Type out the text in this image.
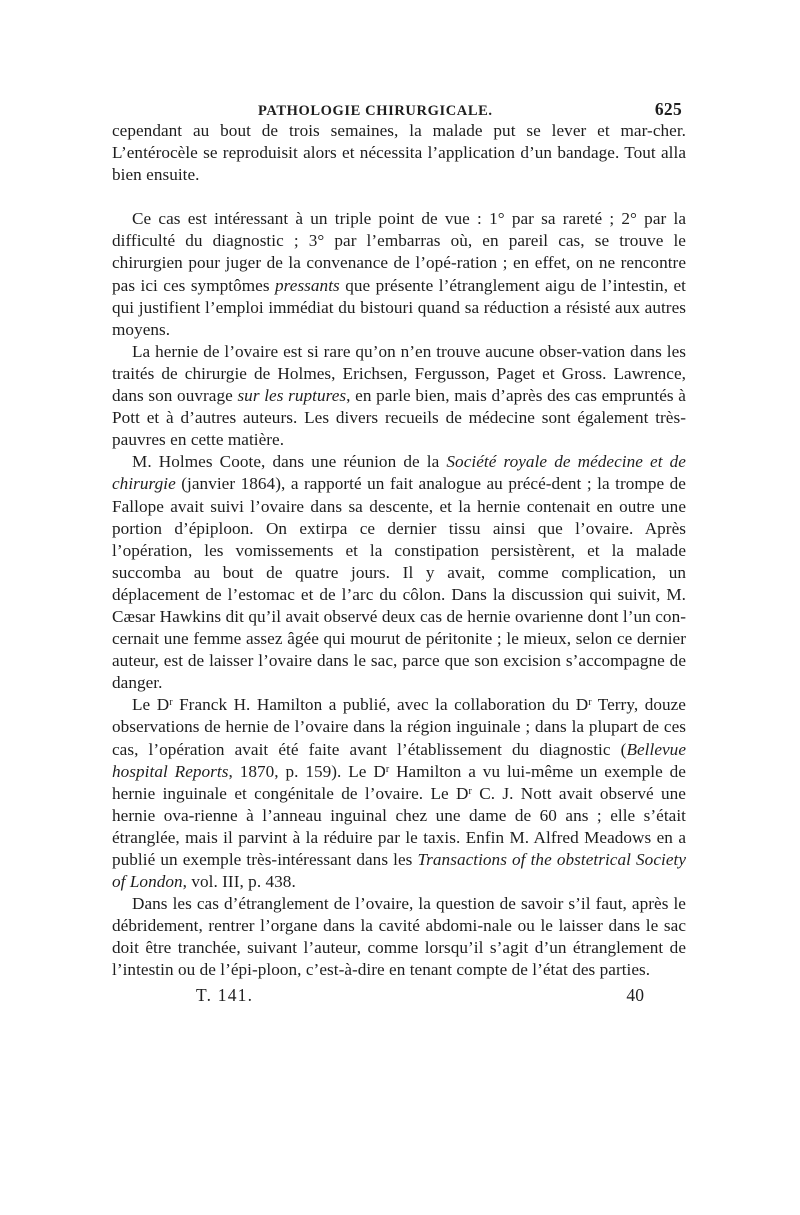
PATHOLOGIE CHIRURGICALE.	625

cependant au bout de trois semaines, la malade put se lever et mar-cher. L’entérocèle se reproduisit alors et nécessita l’application d’un bandage. Tout alla bien ensuite.

Ce cas est intéressant à un triple point de vue : 1° par sa rareté ; 2° par la difficulté du diagnostic ; 3° par l’embarras où, en pareil cas, se trouve le chirurgien pour juger de la convenance de l’opé-ration ; en effet, on ne rencontre pas ici ces symptômes pressants que présente l’étranglement aigu de l’intestin, et qui justifient l’emploi immédiat du bistouri quand sa réduction a résisté aux autres moyens.

La hernie de l’ovaire est si rare qu’on n’en trouve aucune obser-vation dans les traités de chirurgie de Holmes, Erichsen, Fergusson, Paget et Gross. Lawrence, dans son ouvrage sur les ruptures, en parle bien, mais d’après des cas empruntés à Pott et à d’autres auteurs. Les divers recueils de médecine sont également très-pauvres en cette matière.

M. Holmes Coote, dans une réunion de la Société royale de médecine et de chirurgie (janvier 1864), a rapporté un fait analogue au précé-dent ; la trompe de Fallope avait suivi l’ovaire dans sa descente, et la hernie contenait en outre une portion d’épiploon. On extirpa ce dernier tissu ainsi que l’ovaire. Après l’opération, les vomissements et la constipation persistèrent, et la malade succomba au bout de quatre jours. Il y avait, comme complication, un déplacement de l’estomac et de l’arc du côlon. Dans la discussion qui suivit, M. Cæsar Hawkins dit qu’il avait observé deux cas de hernie ovarienne dont l’un con-cernait une femme assez âgée qui mourut de péritonite ; le mieux, selon ce dernier auteur, est de laisser l’ovaire dans le sac, parce que son excision s’accompagne de danger.

Le $D^r$ Franck H. Hamilton a publié, avec la collaboration du $D^r$ Terry, douze observations de hernie de l’ovaire dans la région inguinale ; dans la plupart de ces cas, l’opération avait été faite avant l’établissement du diagnostic (Bellevue hospital Reports, 1870, p. 159). Le $D^r$ Hamilton a vu lui-même un exemple de hernie inguinale et congénitale de l’ovaire. Le $D^r$ C. J. Nott avait observé une hernie ova-rienne à l’anneau inguinal chez une dame de 60 ans ; elle s’était étranglée, mais il parvint à la réduire par le taxis. Enfin M. Alfred Meadows en a publié un exemple très-intéressant dans les Transactions of the obstetrical Society of London, vol. III, p. 438.

Dans les cas d’étranglement de l’ovaire, la question de savoir s’il faut, après le débridement, rentrer l’organe dans la cavité abdomi-nale ou le laisser dans le sac doit être tranchée, suivant l’auteur, comme lorsqu’il s’agit d’un étranglement de l’intestin ou de l’épi-ploon, c’est-à-dire en tenant compte de l’état des parties.

T. 141.	40
